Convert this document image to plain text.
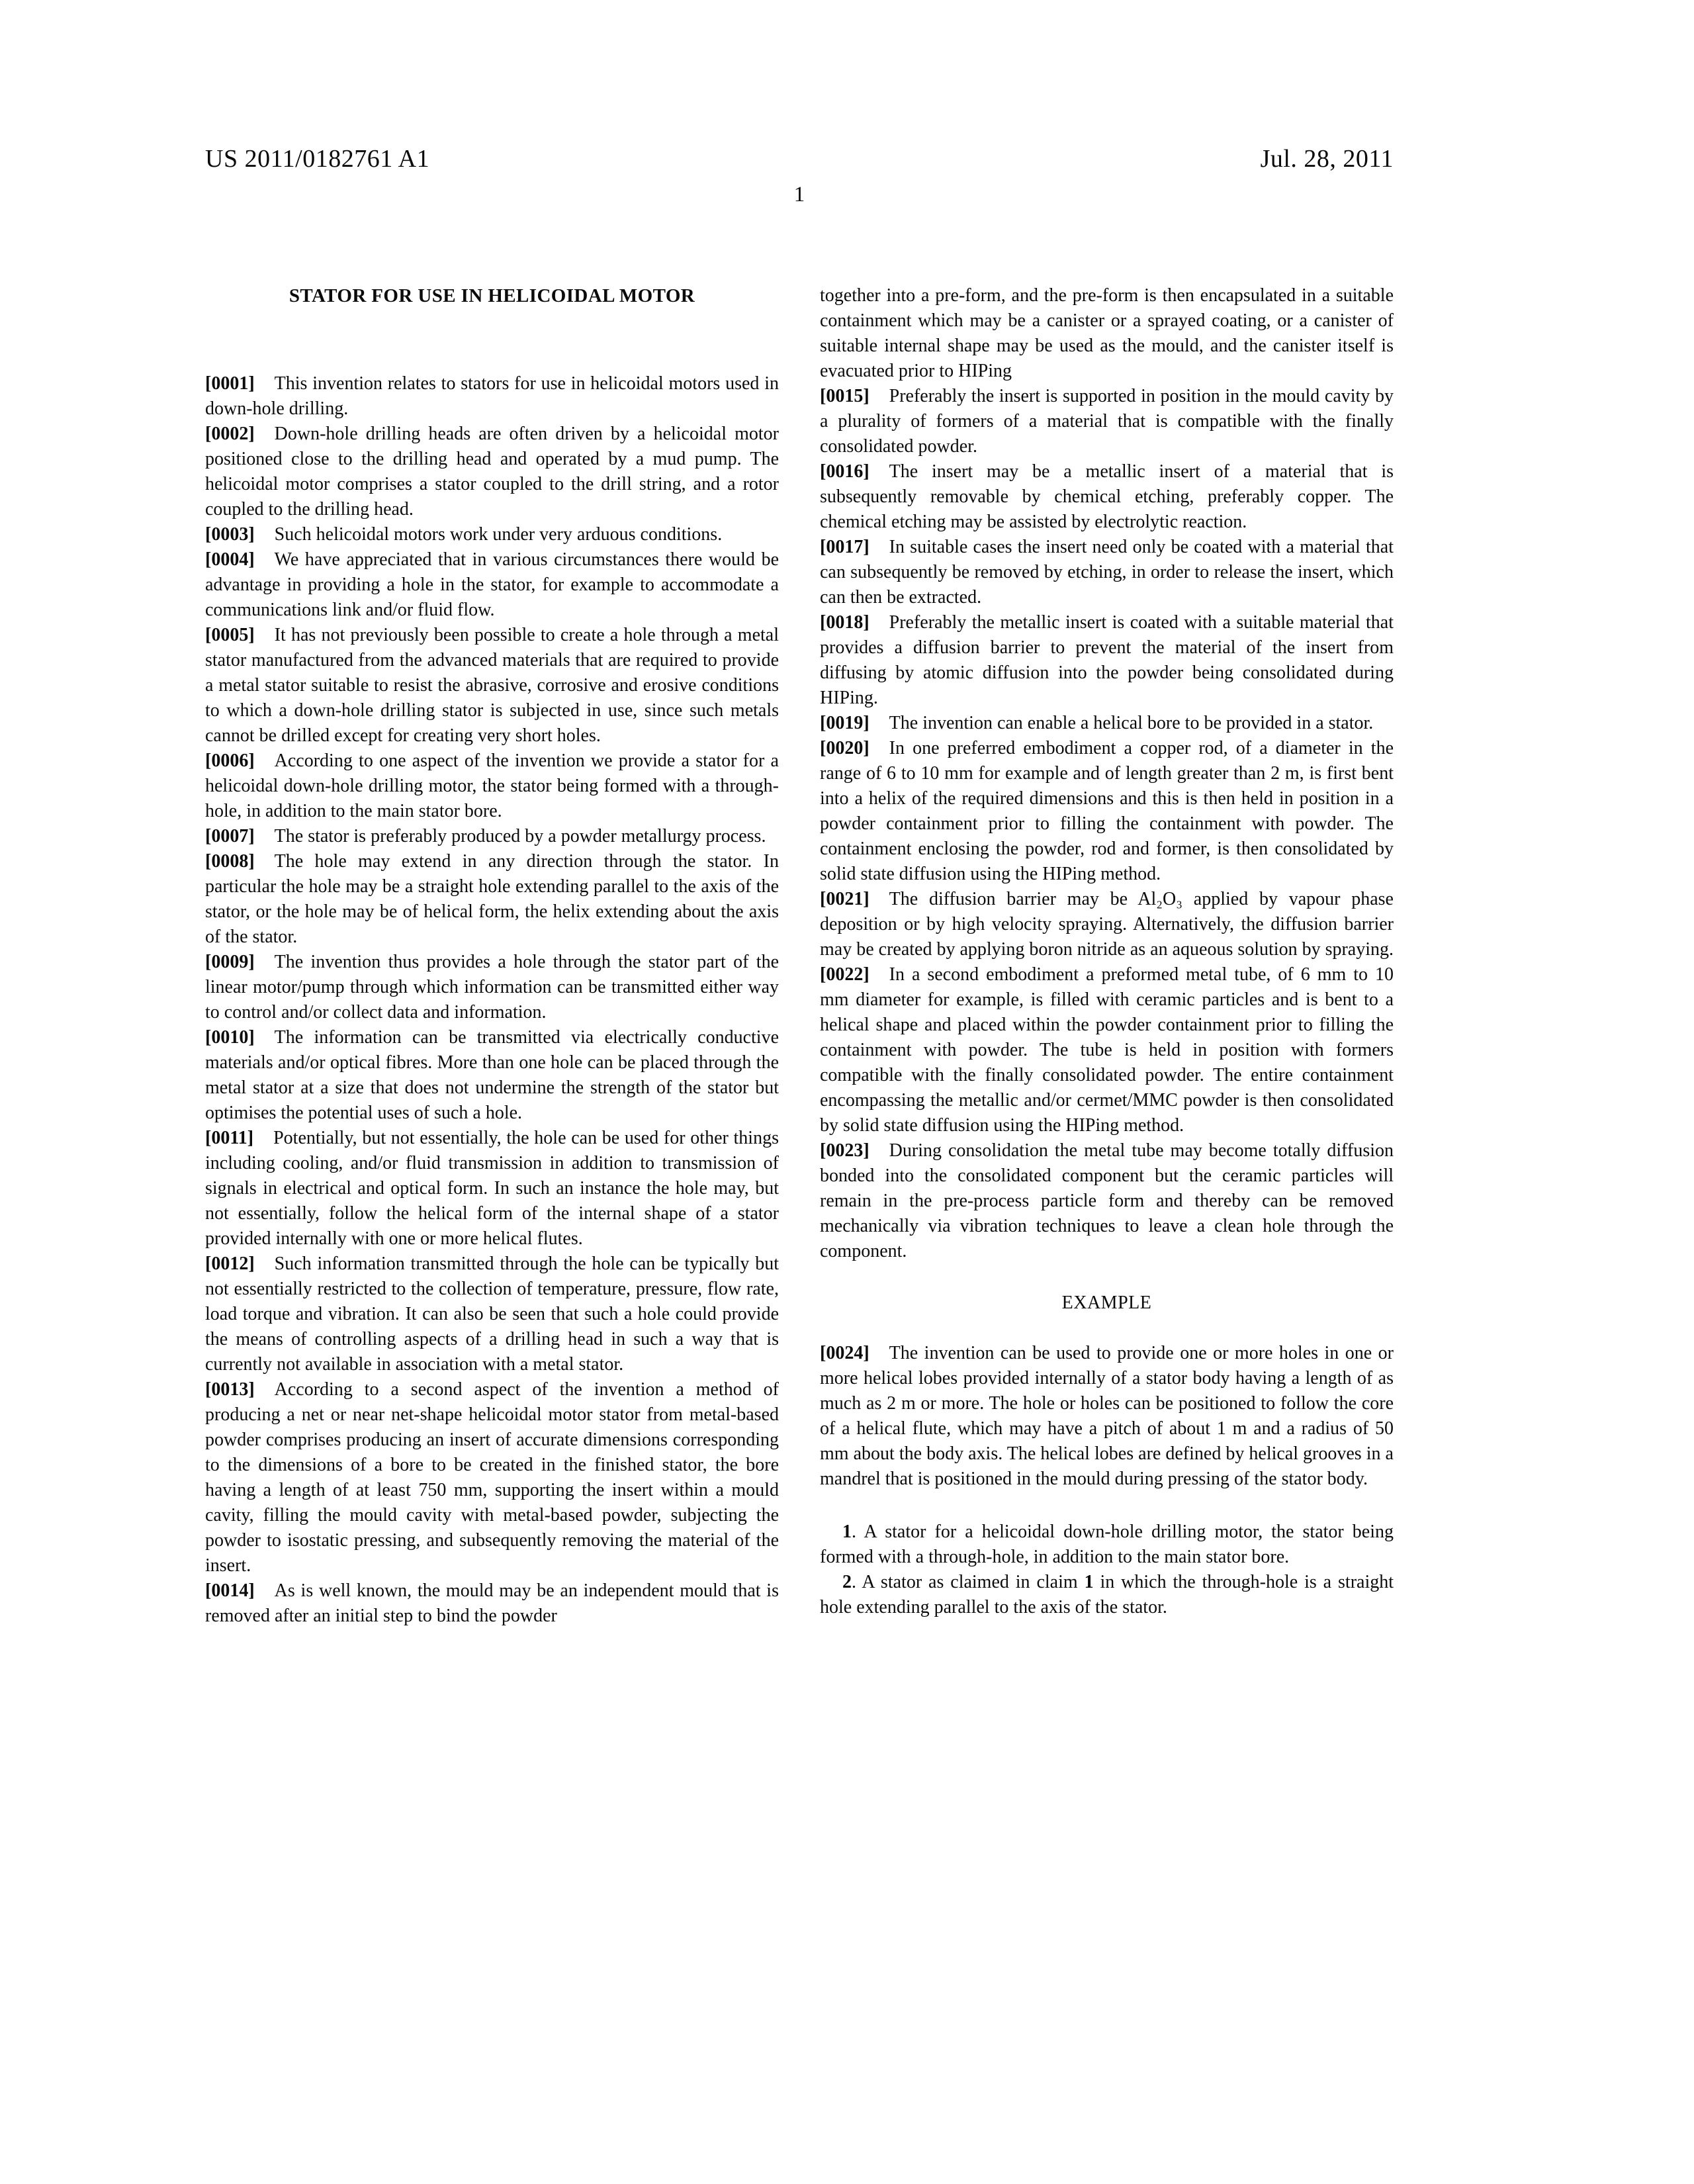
US 2011/0182761 A1	Jul. 28, 2011
1
STATOR FOR USE IN HELICOIDAL MOTOR

[0001] This invention relates to stators for use in helicoidal motors used in down-hole drilling.

[0002] Down-hole drilling heads are often driven by a helicoidal motor positioned close to the drilling head and operated by a mud pump. The helicoidal motor comprises a stator coupled to the drill string, and a rotor coupled to the drilling head.

[0003] Such helicoidal motors work under very arduous conditions.

[0004] We have appreciated that in various circumstances there would be advantage in providing a hole in the stator, for example to accommodate a communications link and/or fluid flow.

[0005] It has not previously been possible to create a hole through a metal stator manufactured from the advanced materials that are required to provide a metal stator suitable to resist the abrasive, corrosive and erosive conditions to which a down-hole drilling stator is subjected in use, since such metals cannot be drilled except for creating very short holes.

[0006] According to one aspect of the invention we provide a stator for a helicoidal down-hole drilling motor, the stator being formed with a through-hole, in addition to the main stator bore.

[0007] The stator is preferably produced by a powder metallurgy process.

[0008] The hole may extend in any direction through the stator. In particular the hole may be a straight hole extending parallel to the axis of the stator, or the hole may be of helical form, the helix extending about the axis of the stator.

[0009] The invention thus provides a hole through the stator part of the linear motor/pump through which information can be transmitted either way to control and/or collect data and information.

[0010] The information can be transmitted via electrically conductive materials and/or optical fibres. More than one hole can be placed through the metal stator at a size that does not undermine the strength of the stator but optimises the potential uses of such a hole.

[0011] Potentially, but not essentially, the hole can be used for other things including cooling, and/or fluid transmission in addition to transmission of signals in electrical and optical form. In such an instance the hole may, but not essentially, follow the helical form of the internal shape of a stator provided internally with one or more helical flutes.

[0012] Such information transmitted through the hole can be typically but not essentially restricted to the collection of temperature, pressure, flow rate, load torque and vibration. It can also be seen that such a hole could provide the means of controlling aspects of a drilling head in such a way that is currently not available in association with a metal stator.

[0013] According to a second aspect of the invention a method of producing a net or near net-shape helicoidal motor stator from metal-based powder comprises producing an insert of accurate dimensions corresponding to the dimensions of a bore to be created in the finished stator, the bore having a length of at least 750 mm, supporting the insert within a mould cavity, filling the mould cavity with metal-based powder, subjecting the powder to isostatic pressing, and subsequently removing the material of the insert.

[0014] As is well known, the mould may be an independent mould that is removed after an initial step to bind the powder

together into a pre-form, and the pre-form is then encapsulated in a suitable containment which may be a canister or a sprayed coating, or a canister of suitable internal shape may be used as the mould, and the canister itself is evacuated prior to HIPing

[0015] Preferably the insert is supported in position in the mould cavity by a plurality of formers of a material that is compatible with the finally consolidated powder.

[0016] The insert may be a metallic insert of a material that is subsequently removable by chemical etching, preferably copper. The chemical etching may be assisted by electrolytic reaction.

[0017] In suitable cases the insert need only be coated with a material that can subsequently be removed by etching, in order to release the insert, which can then be extracted.

[0018] Preferably the metallic insert is coated with a suitable material that provides a diffusion barrier to prevent the material of the insert from diffusing by atomic diffusion into the powder being consolidated during HIPing.

[0019] The invention can enable a helical bore to be provided in a stator.

[0020] In one preferred embodiment a copper rod, of a diameter in the range of 6 to 10 mm for example and of length greater than 2 m, is first bent into a helix of the required dimensions and this is then held in position in a powder containment prior to filling the containment with powder. The containment enclosing the powder, rod and former, is then consolidated by solid state diffusion using the HIPing method.

[0021] The diffusion barrier may be Al₂O₃ applied by vapour phase deposition or by high velocity spraying. Alternatively, the diffusion barrier may be created by applying boron nitride as an aqueous solution by spraying.

[0022] In a second embodiment a preformed metal tube, of 6 mm to 10 mm diameter for example, is filled with ceramic particles and is bent to a helical shape and placed within the powder containment prior to filling the containment with powder. The tube is held in position with formers compatible with the finally consolidated powder. The entire containment encompassing the metallic and/or cermet/MMC powder is then consolidated by solid state diffusion using the HIPing method.

[0023] During consolidation the metal tube may become totally diffusion bonded into the consolidated component but the ceramic particles will remain in the pre-process particle form and thereby can be removed mechanically via vibration techniques to leave a clean hole through the component.

EXAMPLE

[0024] The invention can be used to provide one or more holes in one or more helical lobes provided internally of a stator body having a length of as much as 2 m or more. The hole or holes can be positioned to follow the core of a helical flute, which may have a pitch of about 1 m and a radius of 50 mm about the body axis. The helical lobes are defined by helical grooves in a mandrel that is positioned in the mould during pressing of the stator body.

1. A stator for a helicoidal down-hole drilling motor, the stator being formed with a through-hole, in addition to the main stator bore.

2. A stator as claimed in claim 1 in which the through-hole is a straight hole extending parallel to the axis of the stator.
